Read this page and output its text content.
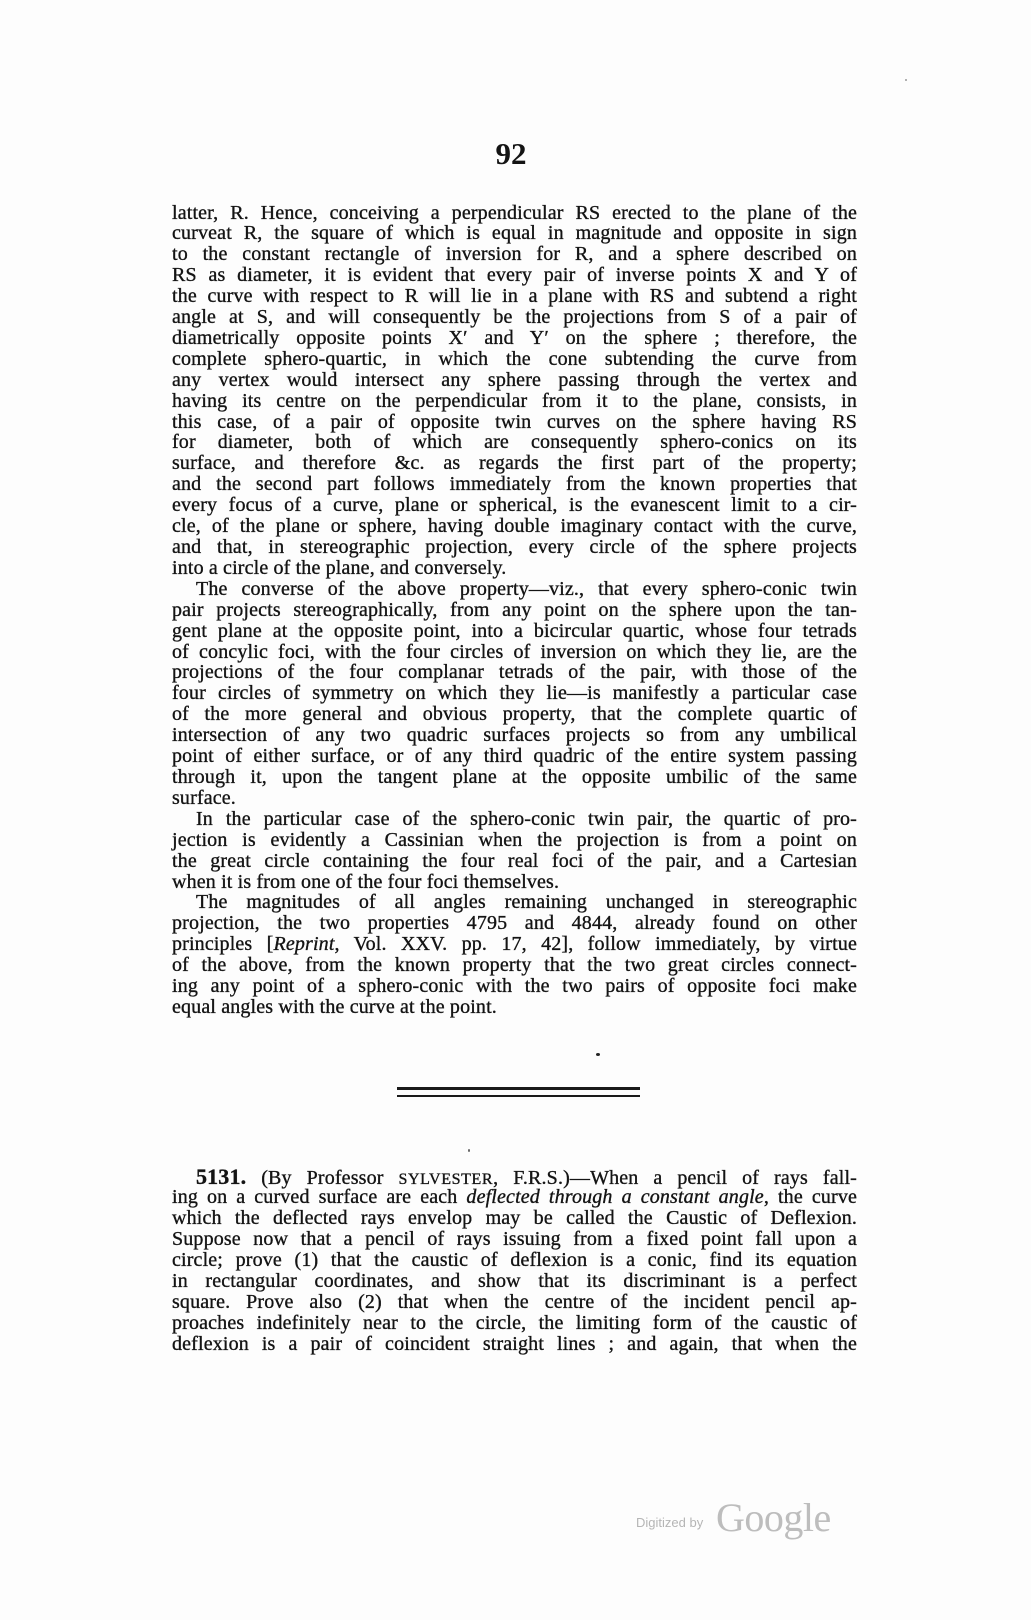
92
latter, R. Hence, conceiving a perpendicular RS erected to the plane of the
curveat R, the square of which is equal in magnitude and opposite in sign
to the constant rectangle of inversion for R, and a sphere described on
RS as diameter, it is evident that every pair of inverse points X and Y of
the curve with respect to R will lie in a plane with RS and subtend a right
angle at S, and will consequently be the projections from S of a pair of
diametrically opposite points X′ and Y′ on the sphere ; therefore, the
complete sphero-quartic, in which the cone subtending the curve from
any vertex would intersect any sphere passing through the vertex and
having its centre on the perpendicular from it to the plane, consists, in
this case, of a pair of opposite twin curves on the sphere having RS
for diameter, both of which are consequently sphero-conics on its
surface, and therefore &c. as regards the first part of the property;
and the second part follows immediately from the known properties that
every focus of a curve, plane or spherical, is the evanescent limit to a cir-
cle, of the plane or sphere, having double imaginary contact with the curve,
and that, in stereographic projection, every circle of the sphere projects
into a circle of the plane, and conversely.
The converse of the above property—viz., that every sphero-conic twin
pair projects stereographically, from any point on the sphere upon the tan-
gent plane at the opposite point, into a bicircular quartic, whose four tetrads
of concylic foci, with the four circles of inversion on which they lie, are the
projections of the four complanar tetrads of the pair, with those of the
four circles of symmetry on which they lie—is manifestly a particular case
of the more general and obvious property, that the complete quartic of
intersection of any two quadric surfaces projects so from any umbilical
point of either surface, or of any third quadric of the entire system passing
through it, upon the tangent plane at the opposite umbilic of the same
surface.
In the particular case of the sphero-conic twin pair, the quartic of pro-
jection is evidently a Cassinian when the projection is from a point on
the great circle containing the four real foci of the pair, and a Cartesian
when it is from one of the four foci themselves.
The magnitudes of all angles remaining unchanged in stereographic
projection, the two properties 4795 and 4844, already found on other
principles [Reprint, Vol. XXV. pp. 17, 42], follow immediately, by virtue
of the above, from the known property that the two great circles connect-
ing any point of a sphero-conic with the two pairs of opposite foci make
equal angles with the curve at the point.
5131. (By Professor SYLVESTER, F.R.S.)—When a pencil of rays fall-
ing on a curved surface are each deflected through a constant angle, the curve
which the deflected rays envelop may be called the Caustic of Deflexion.
Suppose now that a pencil of rays issuing from a fixed point fall upon a
circle; prove (1) that the caustic of deflexion is a conic, find its equation
in rectangular coordinates, and show that its discriminant is a perfect
square. Prove also (2) that when the centre of the incident pencil ap-
proaches indefinitely near to the circle, the limiting form of the caustic of
deflexion is a pair of coincident straight lines ; and again, that when the
Digitized by Google
